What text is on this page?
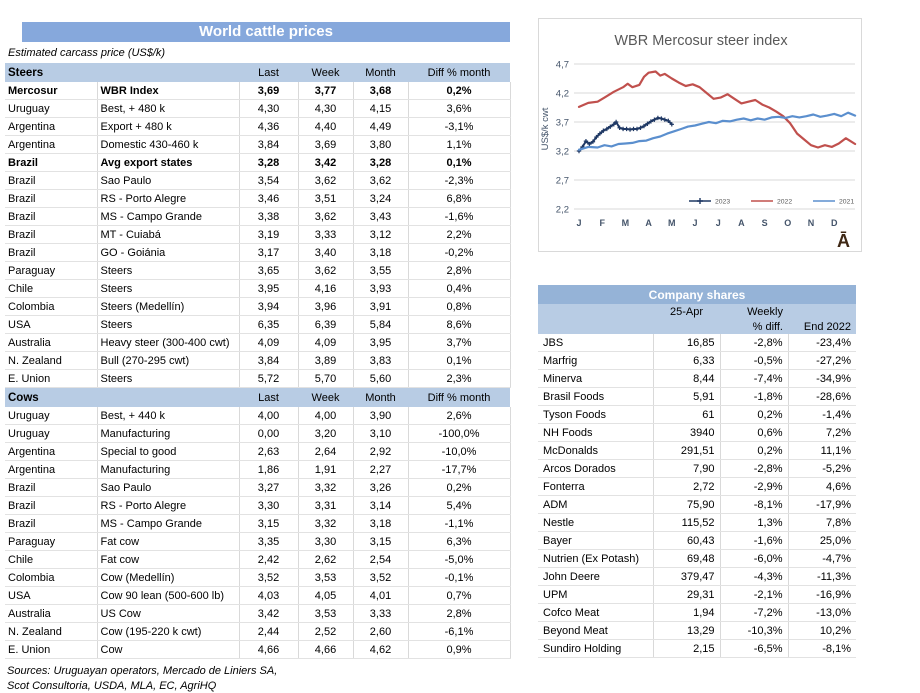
World cattle prices
Estimated carcass price (US$/k)
Steers		Last	Week	Month	Diff % month
Mercosur	WBR Index	3,69	3,77	3,68	0,2%
Uruguay	Best, + 480 k	4,30	4,30	4,15	3,6%
Argentina	Export + 480 k	4,36	4,40	4,49	-3,1%
Argentina	Domestic 430-460 k	3,84	3,69	3,80	1,1%
Brazil	Avg export states	3,28	3,42	3,28	0,1%
Brazil	Sao Paulo	3,54	3,62	3,62	-2,3%
Brazil	RS - Porto Alegre	3,46	3,51	3,24	6,8%
Brazil	MS - Campo Grande	3,38	3,62	3,43	-1,6%
Brazil	MT - Cuiabá	3,19	3,33	3,12	2,2%
Brazil	GO - Goiánia	3,17	3,40	3,18	-0,2%
Paraguay	Steers	3,65	3,62	3,55	2,8%
Chile	Steers	3,95	4,16	3,93	0,4%
Colombia	Steers (Medellín)	3,94	3,96	3,91	0,8%
USA	Steers	6,35	6,39	5,84	8,6%
Australia	Heavy steer (300-400 cwt)	4,09	4,09	3,95	3,7%
N. Zealand	Bull (270-295 cwt)	3,84	3,89	3,83	0,1%
E. Union	Steers	5,72	5,70	5,60	2,3%
Cows		Last	Week	Month	Diff % month
Uruguay	Best, + 440 k	4,00	4,00	3,90	2,6%
Uruguay	Manufacturing	0,00	3,20	3,10	-100,0%
Argentina	Special to good	2,63	2,64	2,92	-10,0%
Argentina	Manufacturing	1,86	1,91	2,27	-17,7%
Brazil	Sao Paulo	3,27	3,32	3,26	0,2%
Brazil	RS - Porto Alegre	3,30	3,31	3,14	5,4%
Brazil	MS - Campo Grande	3,15	3,32	3,18	-1,1%
Paraguay	Fat cow	3,35	3,30	3,15	6,3%
Chile	Fat cow	2,42	2,62	2,54	-5,0%
Colombia	Cow (Medellín)	3,52	3,53	3,52	-0,1%
USA	Cow 90 lean (500-600 lb)	4,03	4,05	4,01	0,7%
Australia	US Cow	3,42	3,53	3,33	2,8%
N. Zealand	Cow (195-220 k cwt)	2,44	2,52	2,60	-6,1%
E. Union	Cow	4,66	4,66	4,62	0,9%
Sources: Uruguayan operators, Mercado de Liniers SA,
Scot Consultoria, USDA, MLA, EC, AgriHQ
WBR Mercosur steer index
US$/k cwt
4,7
4,2
3,7
3,2
2,7
2,2
J F M A M J J A S O N D
2023	2022	2021
Ā
Company shares			
	25-Apr	Weekly	
		% diff.	End 2022
JBS	16,85	-2,8%	-23,4%
Marfrig	6,33	-0,5%	-27,2%
Minerva	8,44	-7,4%	-34,9%
Brasil Foods	5,91	-1,8%	-28,6%
Tyson Foods	61	0,2%	-1,4%
NH Foods	3940	0,6%	7,2%
McDonalds	291,51	0,2%	11,1%
Arcos Dorados	7,90	-2,8%	-5,2%
Fonterra	2,72	-2,9%	4,6%
ADM	75,90	-8,1%	-17,9%
Nestle	115,52	1,3%	7,8%
Bayer	60,43	-1,6%	25,0%
Nutrien (Ex Potash)	69,48	-6,0%	-4,7%
John Deere	379,47	-4,3%	-11,3%
UPM	29,31	-2,1%	-16,9%
Cofco Meat	1,94	-7,2%	-13,0%
Beyond Meat	13,29	-10,3%	10,2%
Sundiro Holding	2,15	-6,5%	-8,1%
